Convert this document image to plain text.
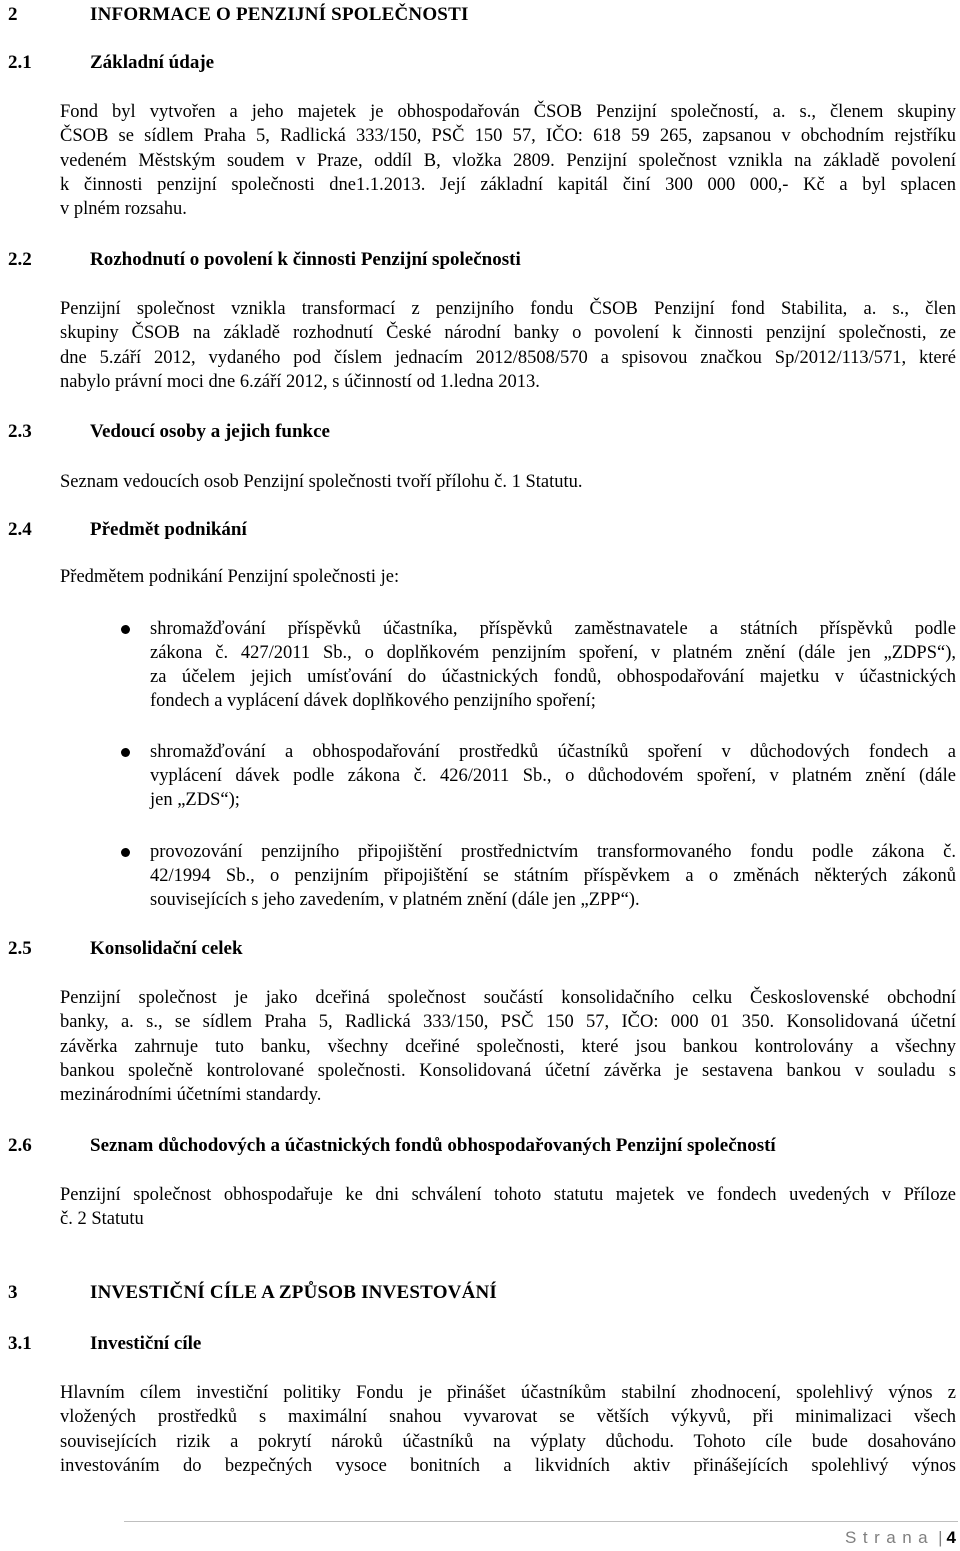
2	INFORMACE O PENZIJNÍ SPOLEČNOSTI
2.1	Základní údaje
Fond byl vytvořen a jeho majetek je obhospodařován ČSOB Penzijní společností, a. s., členem skupiny
ČSOB se sídlem Praha 5, Radlická 333/150, PSČ 150 57, IČO: 618 59 265, zapsanou v obchodním rejstříku
vedeném Městským soudem v Praze, oddíl B, vložka 2809. Penzijní společnost vznikla na základě povolení
k činnosti penzijní společnosti dne1.1.2013. Její základní kapitál činí 300 000 000,- Kč a byl splacen
v plném rozsahu.
2.2	Rozhodnutí o povolení k činnosti Penzijní společnosti
Penzijní společnost vznikla transformací z penzijního fondu ČSOB Penzijní fond Stabilita, a. s., člen
skupiny ČSOB na základě rozhodnutí České národní banky o povolení k činnosti penzijní společnosti, ze
dne 5.září 2012, vydaného pod číslem jednacím 2012/8508/570 a spisovou značkou Sp/2012/113/571, které
nabylo právní moci dne 6.září 2012, s účinností od 1.ledna 2013.
2.3	Vedoucí osoby a jejich funkce
Seznam vedoucích osob Penzijní společnosti tvoří přílohu č. 1 Statutu.
2.4	Předmět podnikání
Předmětem podnikání Penzijní společnosti je:
shromažďování příspěvků účastníka, příspěvků zaměstnavatele a státních příspěvků podle
zákona č. 427/2011 Sb., o doplňkovém penzijním spoření, v platném znění (dále jen „ZDPS“),
za účelem jejich umísťování do účastnických fondů, obhospodařování majetku v účastnických
fondech a vyplácení dávek doplňkového penzijního spoření;
shromažďování a obhospodařování prostředků účastníků spoření v důchodových fondech a
vyplácení dávek podle zákona č. 426/2011 Sb., o důchodovém spoření, v platném znění (dále
jen „ZDS“);
provozování penzijního připojištění prostřednictvím transformovaného fondu podle zákona č.
42/1994 Sb., o penzijním připojištění se státním příspěvkem a o změnách některých zákonů
souvisejících s jeho zavedením, v platném znění (dále jen „ZPP“).
2.5	Konsolidační celek
Penzijní společnost je jako dceřiná společnost součástí konsolidačního celku Československé obchodní
banky, a. s., se sídlem Praha 5, Radlická 333/150, PSČ 150 57, IČO: 000 01 350. Konsolidovaná účetní
závěrka zahrnuje tuto banku, všechny dceřiné společnosti, které jsou bankou kontrolovány a všechny
bankou společně kontrolované společnosti. Konsolidovaná účetní závěrka je sestavena bankou v souladu s
mezinárodními účetními standardy.
2.6	Seznam důchodových a účastnických fondů obhospodařovaných Penzijní společností
Penzijní společnost obhospodařuje ke dni schválení tohoto statutu majetek ve fondech uvedených v Příloze
č. 2 Statutu
3	INVESTIČNÍ CÍLE A ZPŮSOB INVESTOVÁNÍ
3.1	Investiční cíle
Hlavním cílem investiční politiky Fondu je přinášet účastníkům stabilní zhodnocení, spolehlivý výnos z
vložených prostředků s maximální snahou vyvarovat se větších výkyvů, při minimalizaci všech
souvisejících rizik a pokrytí nároků účastníků na výplaty důchodu. Tohoto cíle bude dosahováno
investováním do bezpečných vysoce bonitních a likvidních aktiv přinášejících spolehlivý výnos
Strana | 4
